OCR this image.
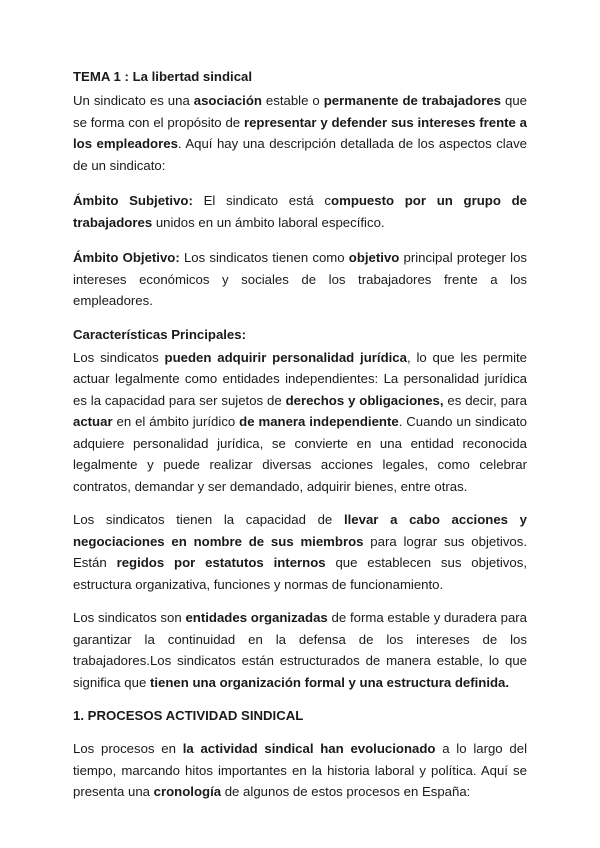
TEMA 1 : La libertad sindical

Un sindicato es una asociación estable o permanente de trabajadores que se forma con el propósito de representar y defender sus intereses frente a los empleadores. Aquí hay una descripción detallada de los aspectos clave de un sindicato:

Ámbito Subjetivo: El sindicato está compuesto por un grupo de trabajadores unidos en un ámbito laboral específico.

Ámbito Objetivo: Los sindicatos tienen como objetivo principal proteger los intereses económicos y sociales de los trabajadores frente a los empleadores.

Características Principales:

Los sindicatos pueden adquirir personalidad jurídica, lo que les permite actuar legalmente como entidades independientes: La personalidad jurídica es la capacidad para ser sujetos de derechos y obligaciones, es decir, para actuar en el ámbito jurídico de manera independiente. Cuando un sindicato adquiere personalidad jurídica, se convierte en una entidad reconocida legalmente y puede realizar diversas acciones legales, como celebrar contratos, demandar y ser demandado, adquirir bienes, entre otras.

Los sindicatos tienen la capacidad de llevar a cabo acciones y negociaciones en nombre de sus miembros para lograr sus objetivos. Están regidos por estatutos internos que establecen sus objetivos, estructura organizativa, funciones y normas de funcionamiento.

Los sindicatos son entidades organizadas de forma estable y duradera para garantizar la continuidad en la defensa de los intereses de los trabajadores.Los sindicatos están estructurados de manera estable, lo que significa que tienen una organización formal y una estructura definida.

1. PROCESOS ACTIVIDAD SINDICAL

Los procesos en la actividad sindical han evolucionado a lo largo del tiempo, marcando hitos importantes en la historia laboral y política. Aquí se presenta una cronología de algunos de estos procesos en España:
